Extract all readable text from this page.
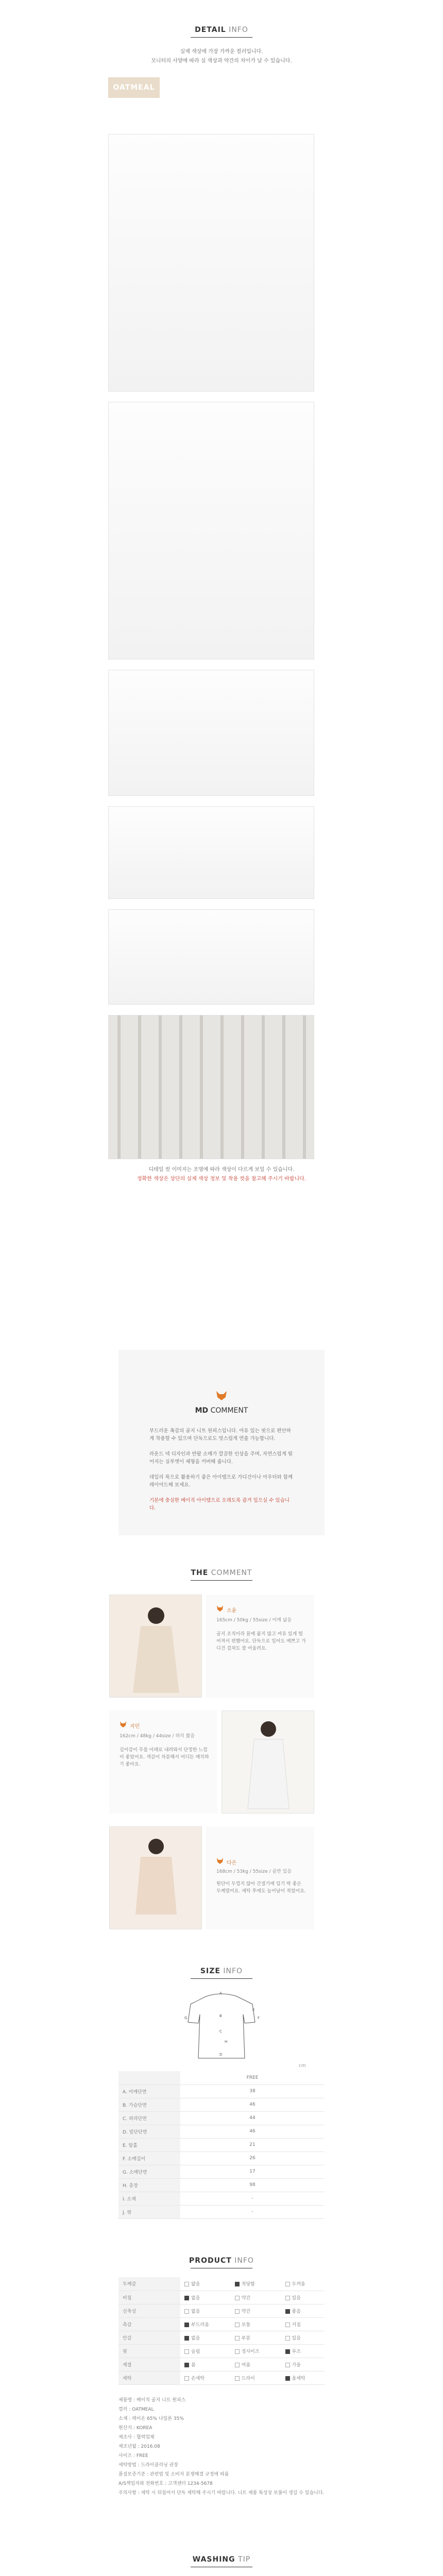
DETAIL INFO
실제 색상에 가장 가까운 컬러입니다.
모니터의 사양에 따라 실 색상과 약간의 차이가 날 수 있습니다.
OATMEAL
디테일 컷 이미지는 조명에 따라 색상이 다르게 보일 수 있습니다.
정확한 색상은 상단의 실제 색상 정보 및 착용 컷을 참고해 주시기 바랍니다.
MD COMMENT

부드러운 촉감의 골지 니트 원피스입니다. 여유 있는 핏으로 편안하게 착용할 수 있으며 단독으로도 멋스럽게 연출 가능합니다.

라운드 넥 디자인과 반팔 소매가 깔끔한 인상을 주며, 자연스럽게 떨어지는 실루엣이 체형을 커버해 줍니다.

데일리 룩으로 활용하기 좋은 아이템으로 가디건이나 아우터와 함께 레이어드해 보세요.

기본에 충실한 베이직 아이템으로 오래도록 즐겨 입으실 수 있습니다.

THE COMMENT
소윤
165cm / 50kg / 55size / 어깨 넓음
골지 조직이라 몸에 붙지 않고 여유 있게 떨어져서 편했어요. 단독으로 입어도 예쁘고 가디건 걸쳐도 잘 어울려요.
지민
162cm / 48kg / 44size / 허리 짧음
길이감이 무릎 아래로 내려와서 단정한 느낌이 좋았어요. 색감이 차분해서 어디든 매치하기 좋아요.
다은
168cm / 53kg / 55size / 골반 있음
원단이 두껍지 않아 간절기에 입기 딱 좋은 두께였어요. 세탁 후에도 늘어남이 적었어요.
SIZE INFO
A
B
C
D
E
F
G
H
cm
	FREE
A. 어깨단면	38
B. 가슴단면	46
C. 허리단면	44
D. 밑단단면	46
E. 암홀	21
F. 소매길이	26
G. 소매단면	17
H. 총장	98
I. 소재	-
J. 핏	-
PRODUCT INFO
두께감	얇음	적당함	두꺼움
비침	없음	약간	있음
신축성	없음	약간	좋음
촉감	부드러움	보통	거침
안감	없음	부분	있음
핏	슬림	정사이즈	루즈
계절	봄	여름	가을
세탁	손세탁	드라이	울세탁
제품명 : 베이직 골지 니트 원피스
컬러 : OATMEAL
소재 : 레이온 65% 나일론 35%
원산지 : KOREA
제조사 : 협력업체
제조년월 : 2016.08
사이즈 : FREE
세탁방법 : 드라이클리닝 권장
품질보증기준 : 관련법 및 소비자 분쟁해결 규정에 따름
A/S책임자와 전화번호 : 고객센터 1234-5678
주의사항 : 세탁 시 뒤집어서 단독 세탁해 주시기 바랍니다. 니트 제품 특성상 보풀이 생길 수 있습니다.
WASHING TIP
